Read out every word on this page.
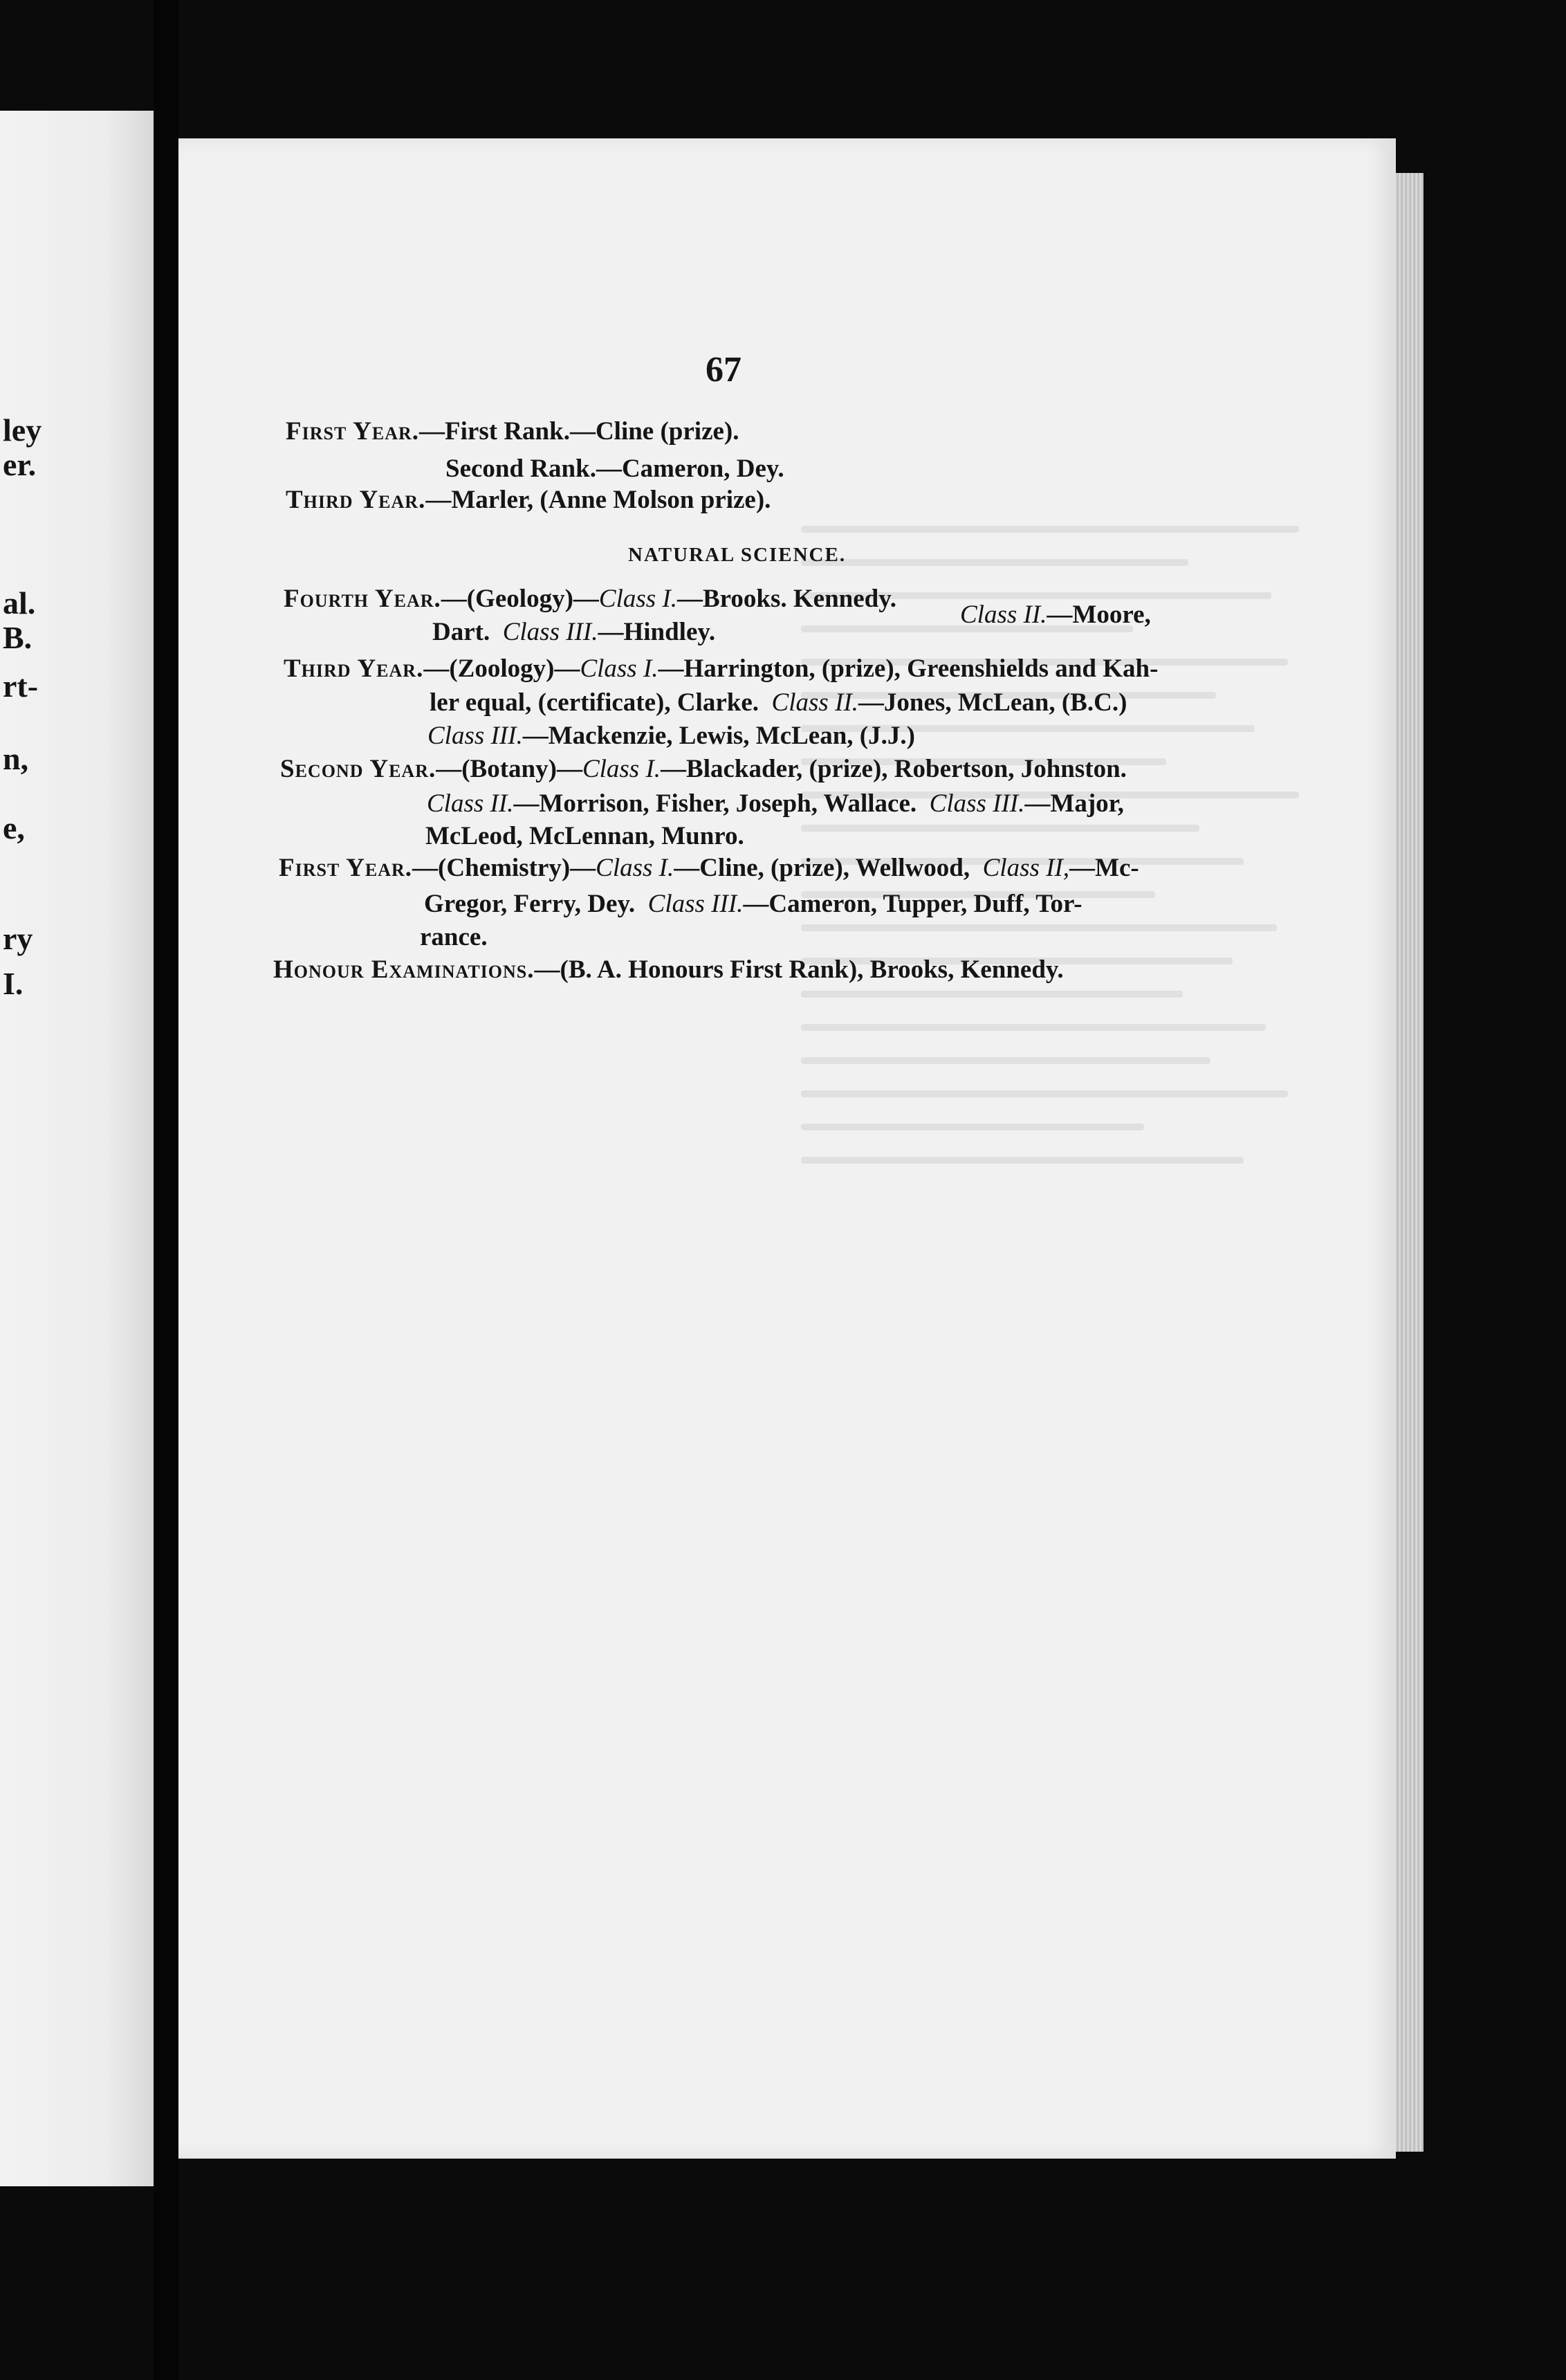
ley
er.
al.
B.
rt-
n,
e,
ry
I.
67
First Year.—First Rank.—Cline (prize).
Second Rank.—Cameron, Dey.
Third Year.—Marler, (Anne Molson prize).
NATURAL SCIENCE.
Fourth Year.—(Geology)—Class I.—Brooks. Kennedy.
Class II.—Moore,
Dart. Class III.—Hindley.
Third Year.—(Zoology)—Class I.—Harrington, (prize), Greenshields and Kah-
ler equal, (certificate), Clarke. Class II.—Jones, McLean, (B.C.)
Class III.—Mackenzie, Lewis, McLean, (J.J.)
Second Year.—(Botany)—Class I.—Blackader, (prize), Robertson, Johnston.
Class II.—Morrison, Fisher, Joseph, Wallace. Class III.—Major,
McLeod, McLennan, Munro.
First Year.—(Chemistry)—Class I.—Cline, (prize), Wellwood, Class II,—Mc-
Gregor, Ferry, Dey. Class III.—Cameron, Tupper, Duff, Tor-
rance.
Honour Examinations.—(B. A. Honours First Rank), Brooks, Kennedy.
